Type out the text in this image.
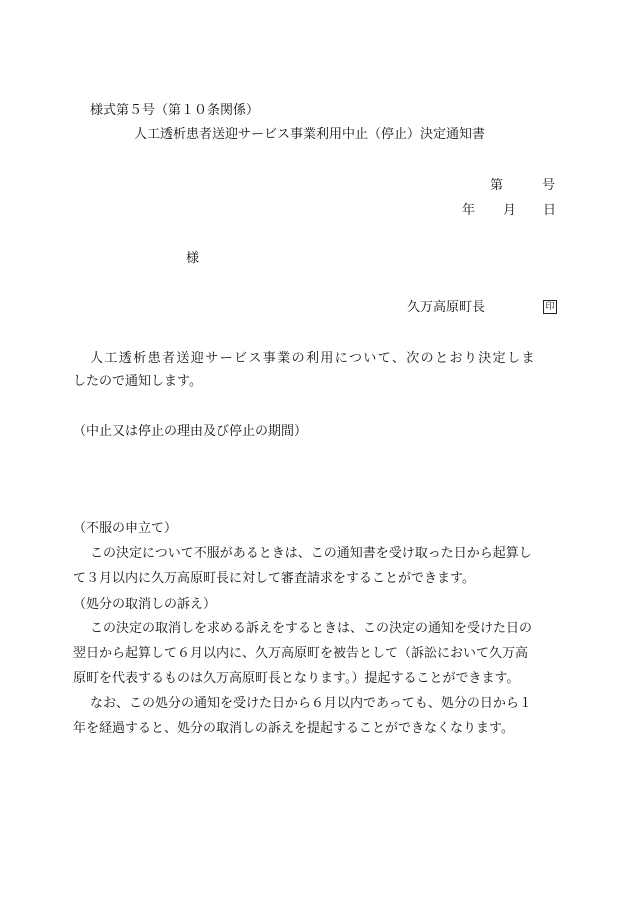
様式第５号（第１０条関係）
人工透析患者送迎サービス事業利用中止（停止）決定通知書
第	号
年 月 日
様
久万高原町長	印
人工透析患者送迎サービス事業の利用について、次のとおり決定しま
したので通知します。
（中止又は停止の理由及び停止の期間）
（不服の申立て）
この決定について不服があるときは、この通知書を受け取った日から起算し
て３月以内に久万高原町長に対して審査請求をすることができます。
（処分の取消しの訴え）
この決定の取消しを求める訴えをするときは、この決定の通知を受けた日の
翌日から起算して６月以内に、久万高原町を被告として（訴訟において久万高
原町を代表するものは久万高原町長となります。）提起することができます。
なお、この処分の通知を受けた日から６月以内であっても、処分の日から１
年を経過すると、処分の取消しの訴えを提起することができなくなります。
